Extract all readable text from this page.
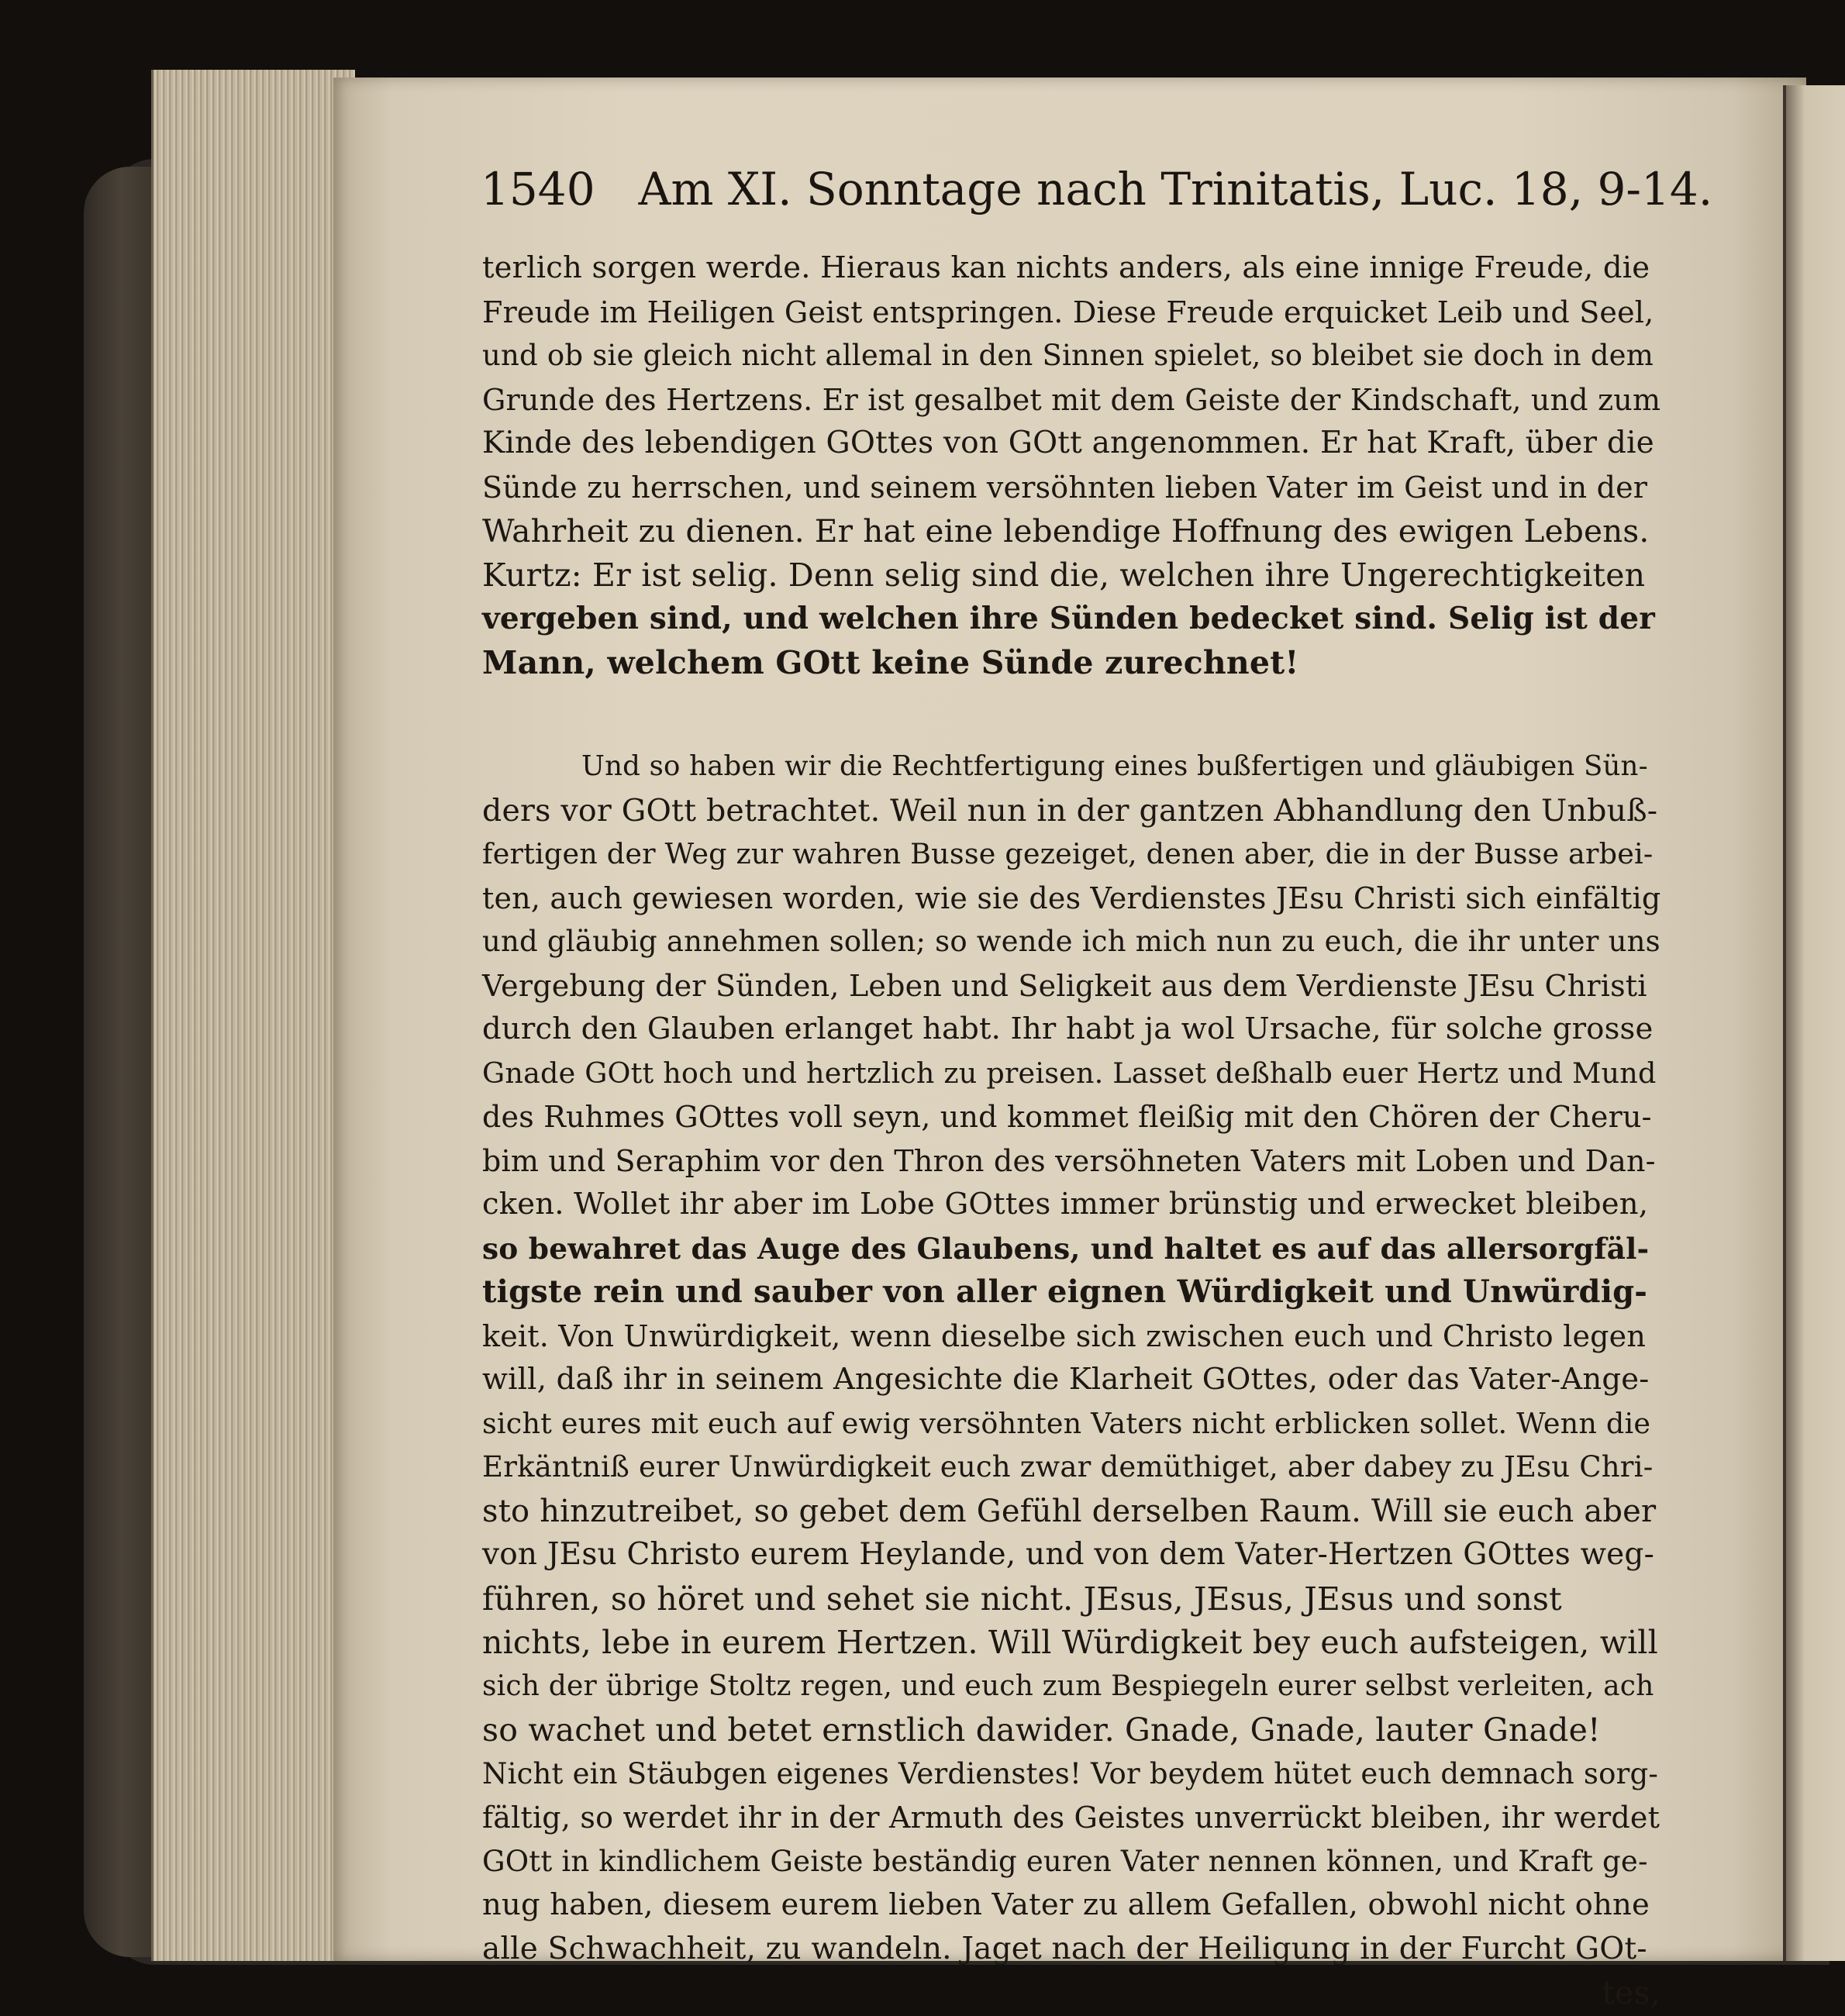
1540 Am XI. Sonntage nach Trinitatis, Luc. 18, 9-14.
terlich sorgen werde. Hieraus kan nichts anders, als eine innige Freude, die
Freude im Heiligen Geist entspringen. Diese Freude erquicket Leib und Seel,
und ob sie gleich nicht allemal in den Sinnen spielet, so bleibet sie doch in dem
Grunde des Hertzens. Er ist gesalbet mit dem Geiste der Kindschaft, und zum
Kinde des lebendigen GOttes von GOtt angenommen. Er hat Kraft, über die
Sünde zu herrschen, und seinem versöhnten lieben Vater im Geist und in der
Wahrheit zu dienen. Er hat eine lebendige Hoffnung des ewigen Lebens.
Kurtz: Er ist selig. Denn selig sind die, welchen ihre Ungerechtigkeiten
vergeben sind, und welchen ihre Sünden bedecket sind. Selig ist der
Mann, welchem GOtt keine Sünde zurechnet!
Und so haben wir die Rechtfertigung eines bußfertigen und gläubigen Sün-
ders vor GOtt betrachtet. Weil nun in der gantzen Abhandlung den Unbuß-
fertigen der Weg zur wahren Busse gezeiget, denen aber, die in der Busse arbei-
ten, auch gewiesen worden, wie sie des Verdienstes JEsu Christi sich einfältig
und gläubig annehmen sollen; so wende ich mich nun zu euch, die ihr unter uns
Vergebung der Sünden, Leben und Seligkeit aus dem Verdienste JEsu Christi
durch den Glauben erlanget habt. Ihr habt ja wol Ursache, für solche grosse
Gnade GOtt hoch und hertzlich zu preisen. Lasset deßhalb euer Hertz und Mund
des Ruhmes GOttes voll seyn, und kommet fleißig mit den Chören der Cheru-
bim und Seraphim vor den Thron des versöhneten Vaters mit Loben und Dan-
cken. Wollet ihr aber im Lobe GOttes immer brünstig und erwecket bleiben,
so bewahret das Auge des Glaubens, und haltet es auf das allersorgfäl-
tigste rein und sauber von aller eignen Würdigkeit und Unwürdig-
keit. Von Unwürdigkeit, wenn dieselbe sich zwischen euch und Christo legen
will, daß ihr in seinem Angesichte die Klarheit GOttes, oder das Vater-Ange-
sicht eures mit euch auf ewig versöhnten Vaters nicht erblicken sollet. Wenn die
Erkäntniß eurer Unwürdigkeit euch zwar demüthiget, aber dabey zu JEsu Chri-
sto hinzutreibet, so gebet dem Gefühl derselben Raum. Will sie euch aber
von JEsu Christo eurem Heylande, und von dem Vater-Hertzen GOttes weg-
führen, so höret und sehet sie nicht. JEsus, JEsus, JEsus und sonst
nichts, lebe in eurem Hertzen. Will Würdigkeit bey euch aufsteigen, will
sich der übrige Stoltz regen, und euch zum Bespiegeln eurer selbst verleiten, ach
so wachet und betet ernstlich dawider. Gnade, Gnade, lauter Gnade!
Nicht ein Stäubgen eigenes Verdienstes! Vor beydem hütet euch demnach sorg-
fältig, so werdet ihr in der Armuth des Geistes unverrückt bleiben, ihr werdet
GOtt in kindlichem Geiste beständig euren Vater nennen können, und Kraft ge-
nug haben, diesem eurem lieben Vater zu allem Gefallen, obwohl nicht ohne
alle Schwachheit, zu wandeln. Jaget nach der Heiligung in der Furcht GOt-
tes,
